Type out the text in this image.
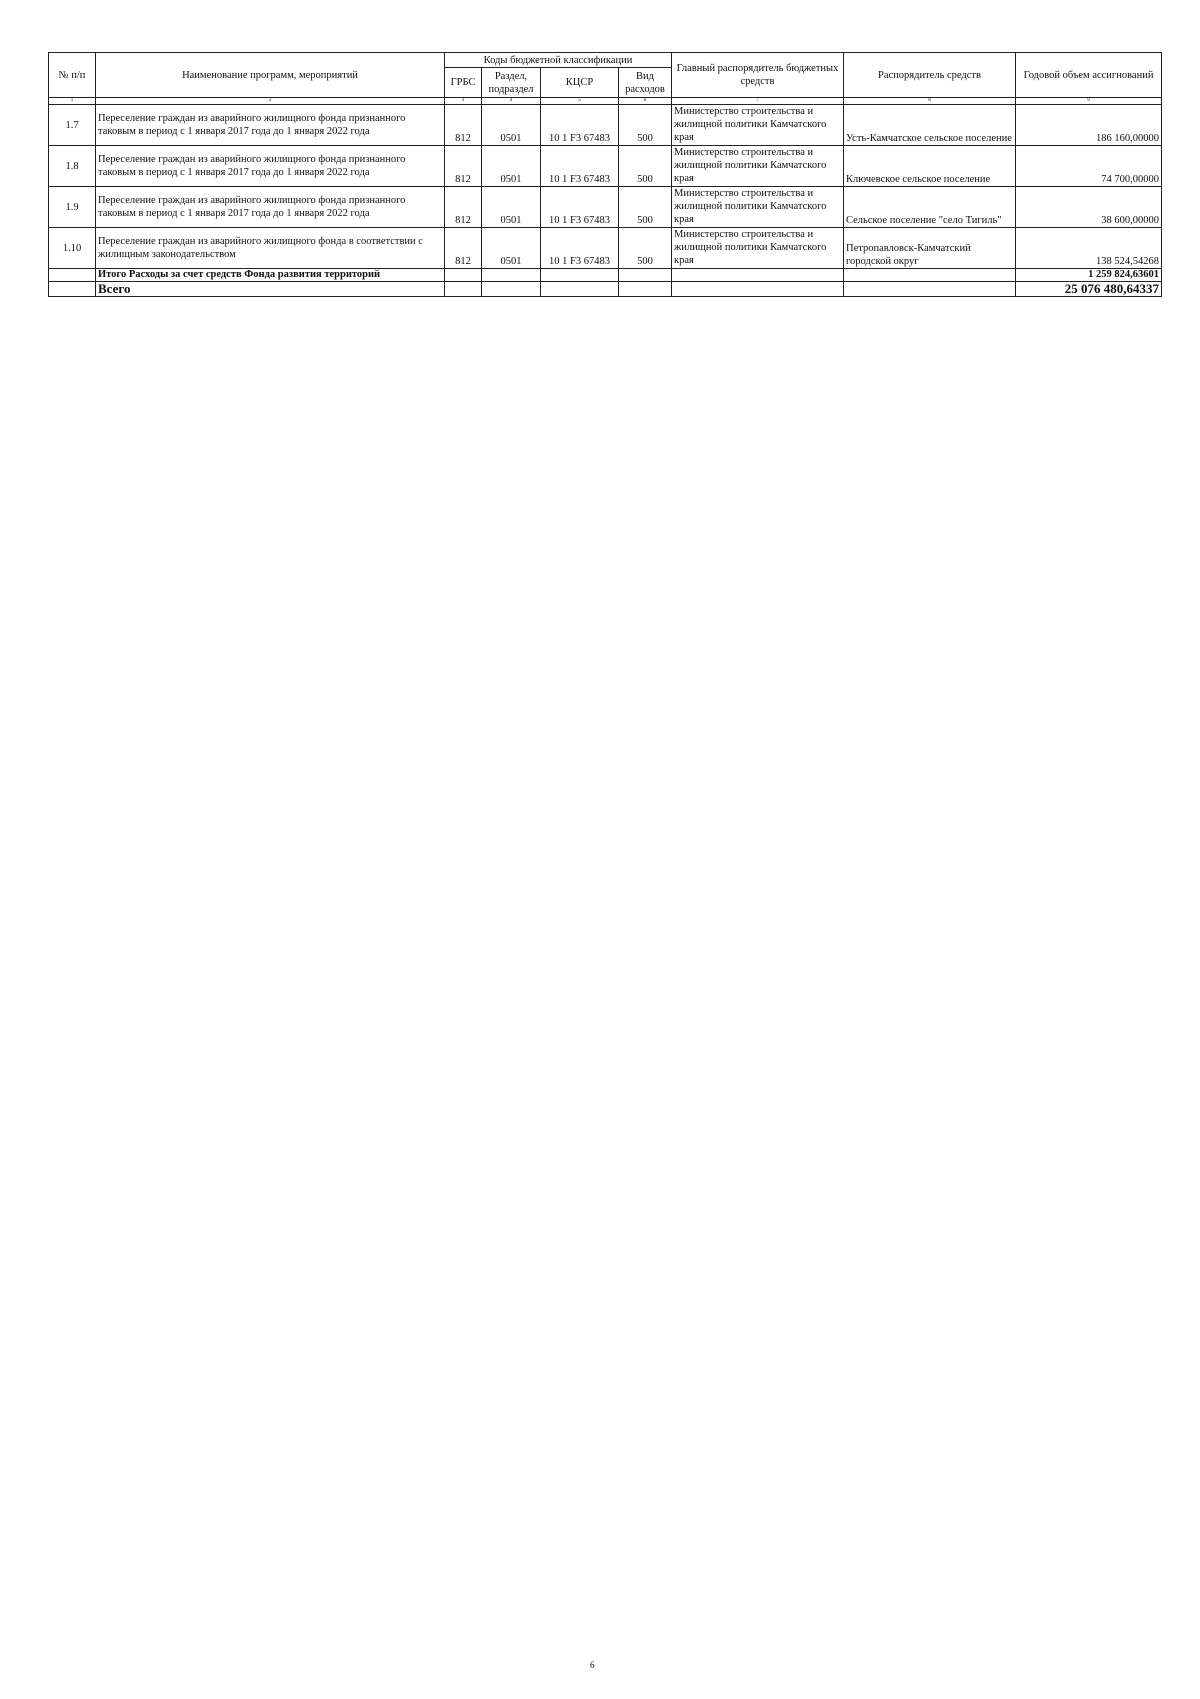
№ п/п	Наименование программ, мероприятий	Коды бюджетной классификации				Главный распорядитель бюджетных средств	Распорядитель средств	Годовой объем ассигнований
		ГРБС	Раздел, подраздел	КЦСР	Вид расходов			
1	2	3	4	5	6	7	8	9
1.7	Переселение граждан из аварийного жилищного фонда признанного таковым в период с 1 января 2017 года до 1 января 2022 года	812	0501	10 1 F3 67483	500	Министерство строительства и жилищной политики Камчатского края	Усть-Камчатское сельское поселение	186 160,00000
1.8	Переселение граждан из аварийного жилищного фонда признанного таковым в период с 1 января 2017 года до 1 января 2022 года	812	0501	10 1 F3 67483	500	Министерство строительства и жилищной политики Камчатского края	Ключевское сельское поселение	74 700,00000
1.9	Переселение граждан из аварийного жилищного фонда признанного таковым в период с 1 января 2017 года до 1 января 2022 года	812	0501	10 1 F3 67483	500	Министерство строительства и жилищной политики Камчатского края	Сельское поселение "село Тигиль"	38 600,00000
1.10	Переселение граждан из аварийного жилищного фонда в соответствии с жилищным законодательством	812	0501	10 1 F3 67483	500	Министерство строительства и жилищной политики Камчатского края	Петропавловск-Камчатский городской округ	138 524,54268
	Итого Расходы за счет средств Фонда развития территорий							1 259 824,63601
	Всего							25 076 480,64337
6
